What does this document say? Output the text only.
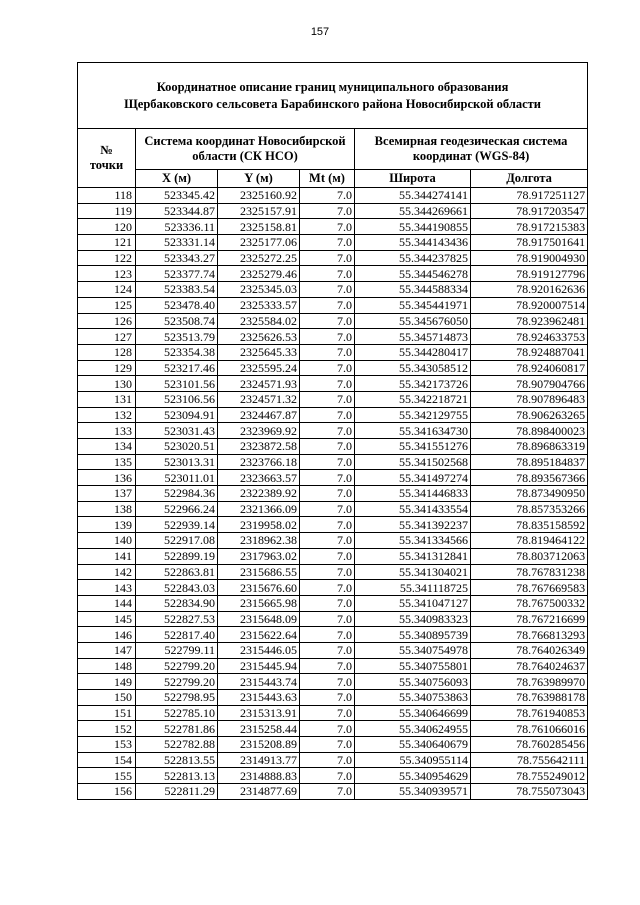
157
Координатное описание границ муниципального образования
Щербаковского сельсовета Барабинского района Новосибирской области					

№
точки	Система координат Новосибирской области (СК НСО)			Всемирная геодезическая система координат (WGS-84)	
	X (м)	Y (м)	Mt (м)	Широта	Долгота
118	523345.42	2325160.92	7.0	55.344274141	78.917251127
119	523344.87	2325157.91	7.0	55.344269661	78.917203547
120	523336.11	2325158.81	7.0	55.344190855	78.917215383
121	523331.14	2325177.06	7.0	55.344143436	78.917501641
122	523343.27	2325272.25	7.0	55.344237825	78.919004930
123	523377.74	2325279.46	7.0	55.344546278	78.919127796
124	523383.54	2325345.03	7.0	55.344588334	78.920162636
125	523478.40	2325333.57	7.0	55.345441971	78.920007514
126	523508.74	2325584.02	7.0	55.345676050	78.923962481
127	523513.79	2325626.53	7.0	55.345714873	78.924633753
128	523354.38	2325645.33	7.0	55.344280417	78.924887041
129	523217.46	2325595.24	7.0	55.343058512	78.924060817
130	523101.56	2324571.93	7.0	55.342173726	78.907904766
131	523106.56	2324571.32	7.0	55.342218721	78.907896483
132	523094.91	2324467.87	7.0	55.342129755	78.906263265
133	523031.43	2323969.92	7.0	55.341634730	78.898400023
134	523020.51	2323872.58	7.0	55.341551276	78.896863319
135	523013.31	2323766.18	7.0	55.341502568	78.895184837
136	523011.01	2323663.57	7.0	55.341497274	78.893567366
137	522984.36	2322389.92	7.0	55.341446833	78.873490950
138	522966.24	2321366.09	7.0	55.341433554	78.857353266
139	522939.14	2319958.02	7.0	55.341392237	78.835158592
140	522917.08	2318962.38	7.0	55.341334566	78.819464122
141	522899.19	2317963.02	7.0	55.341312841	78.803712063
142	522863.81	2315686.55	7.0	55.341304021	78.767831238
143	522843.03	2315676.60	7.0	55.341118725	78.767669583
144	522834.90	2315665.98	7.0	55.341047127	78.767500332
145	522827.53	2315648.09	7.0	55.340983323	78.767216699
146	522817.40	2315622.64	7.0	55.340895739	78.766813293
147	522799.11	2315446.05	7.0	55.340754978	78.764026349
148	522799.20	2315445.94	7.0	55.340755801	78.764024637
149	522799.20	2315443.74	7.0	55.340756093	78.763989970
150	522798.95	2315443.63	7.0	55.340753863	78.763988178
151	522785.10	2315313.91	7.0	55.340646699	78.761940853
152	522781.86	2315258.44	7.0	55.340624955	78.761066016
153	522782.88	2315208.89	7.0	55.340640679	78.760285456
154	522813.55	2314913.77	7.0	55.340955114	78.755642111
155	522813.13	2314888.83	7.0	55.340954629	78.755249012
156	522811.29	2314877.69	7.0	55.340939571	78.755073043
